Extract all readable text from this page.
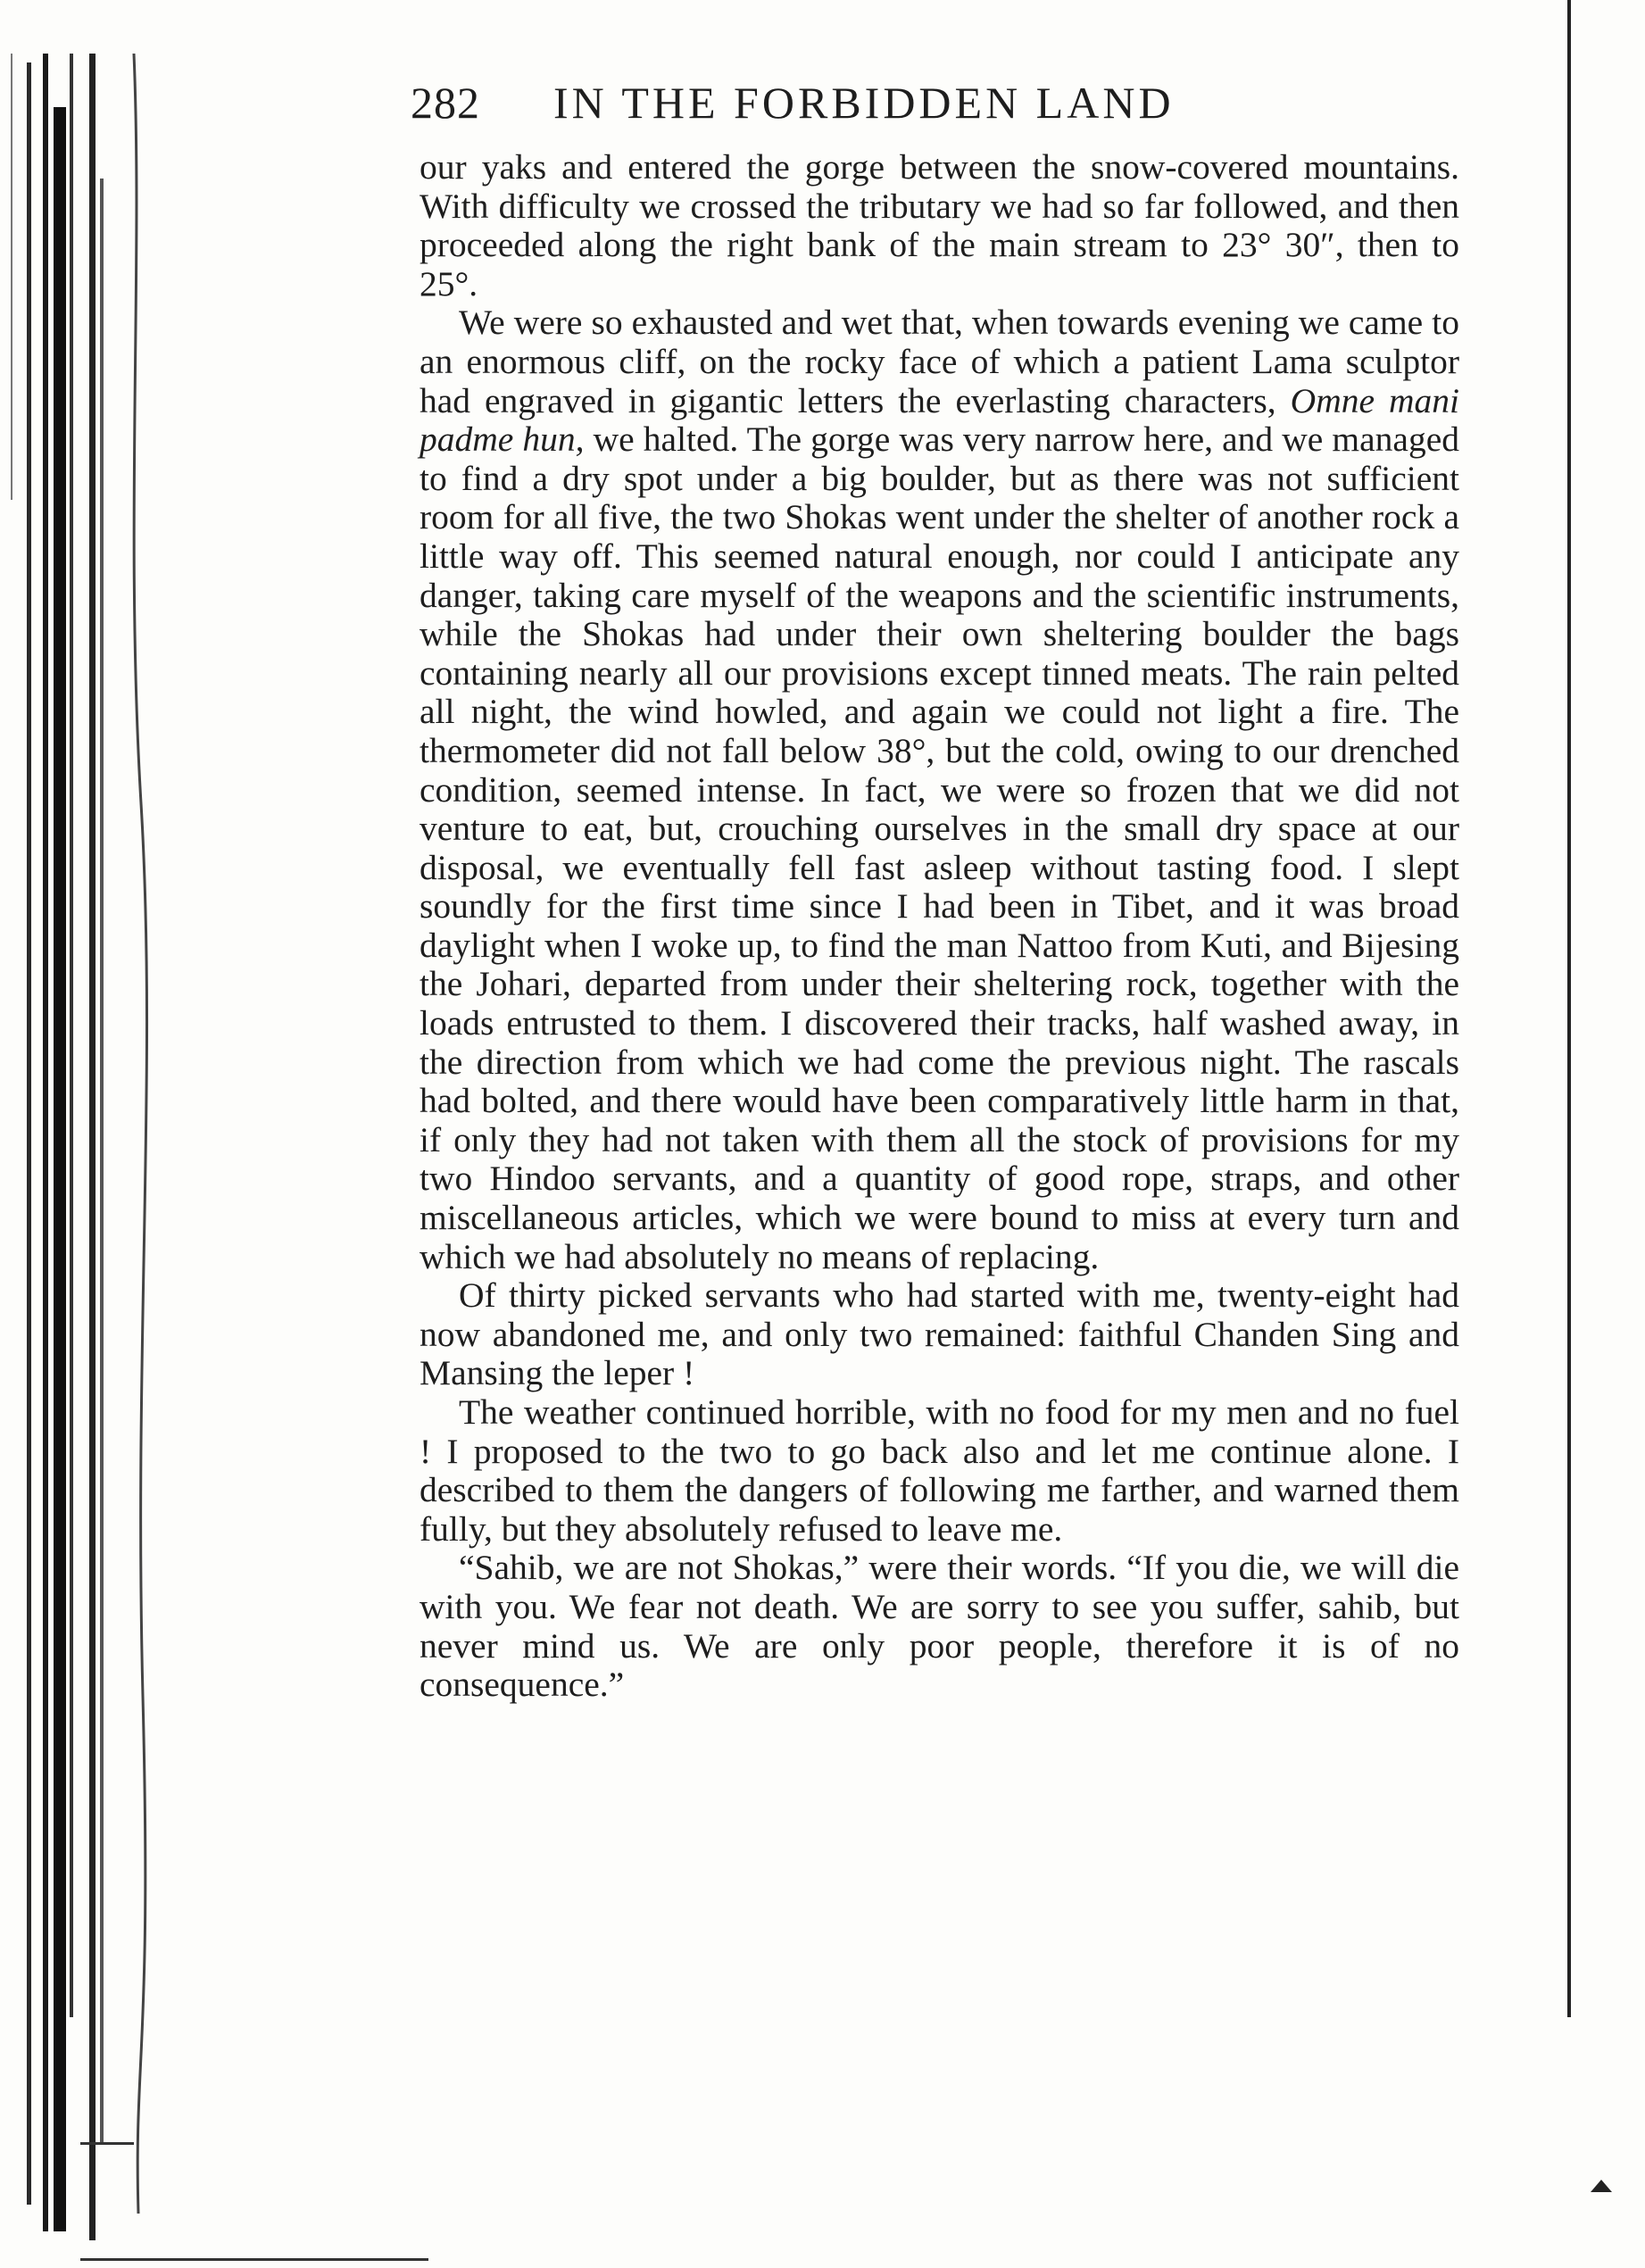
282 IN THE FORBIDDEN LAND

our yaks and entered the gorge between the snow-covered mountains. With difficulty we crossed the tributary we had so far followed, and then proceeded along the right bank of the main stream to 23° 30″, then to 25°.

We were so exhausted and wet that, when towards evening we came to an enormous cliff, on the rocky face of which a patient Lama sculptor had engraved in gigantic letters the everlasting characters, Omne mani padme hun, we halted. The gorge was very narrow here, and we managed to find a dry spot under a big boulder, but as there was not sufficient room for all five, the two Shokas went under the shelter of another rock a little way off. This seemed natural enough, nor could I anticipate any danger, taking care myself of the weapons and the scientific instruments, while the Shokas had under their own sheltering boulder the bags containing nearly all our provisions except tinned meats. The rain pelted all night, the wind howled, and again we could not light a fire. The thermometer did not fall below 38°, but the cold, owing to our drenched condition, seemed intense. In fact, we were so frozen that we did not venture to eat, but, crouching ourselves in the small dry space at our disposal, we eventually fell fast asleep without tasting food. I slept soundly for the first time since I had been in Tibet, and it was broad daylight when I woke up, to find the man Nattoo from Kuti, and Bijesing the Johari, departed from under their sheltering rock, together with the loads entrusted to them. I discovered their tracks, half washed away, in the direction from which we had come the previous night. The rascals had bolted, and there would have been comparatively little harm in that, if only they had not taken with them all the stock of provisions for my two Hindoo servants, and a quantity of good rope, straps, and other miscellaneous articles, which we were bound to miss at every turn and which we had absolutely no means of replacing.

Of thirty picked servants who had started with me, twenty-eight had now abandoned me, and only two remained: faithful Chanden Sing and Mansing the leper !

The weather continued horrible, with no food for my men and no fuel ! I proposed to the two to go back also and let me continue alone. I described to them the dangers of following me farther, and warned them fully, but they absolutely refused to leave me.

“Sahib, we are not Shokas,” were their words. “If you die, we will die with you. We fear not death. We are sorry to see you suffer, sahib, but never mind us. We are only poor people, therefore it is of no consequence.”
